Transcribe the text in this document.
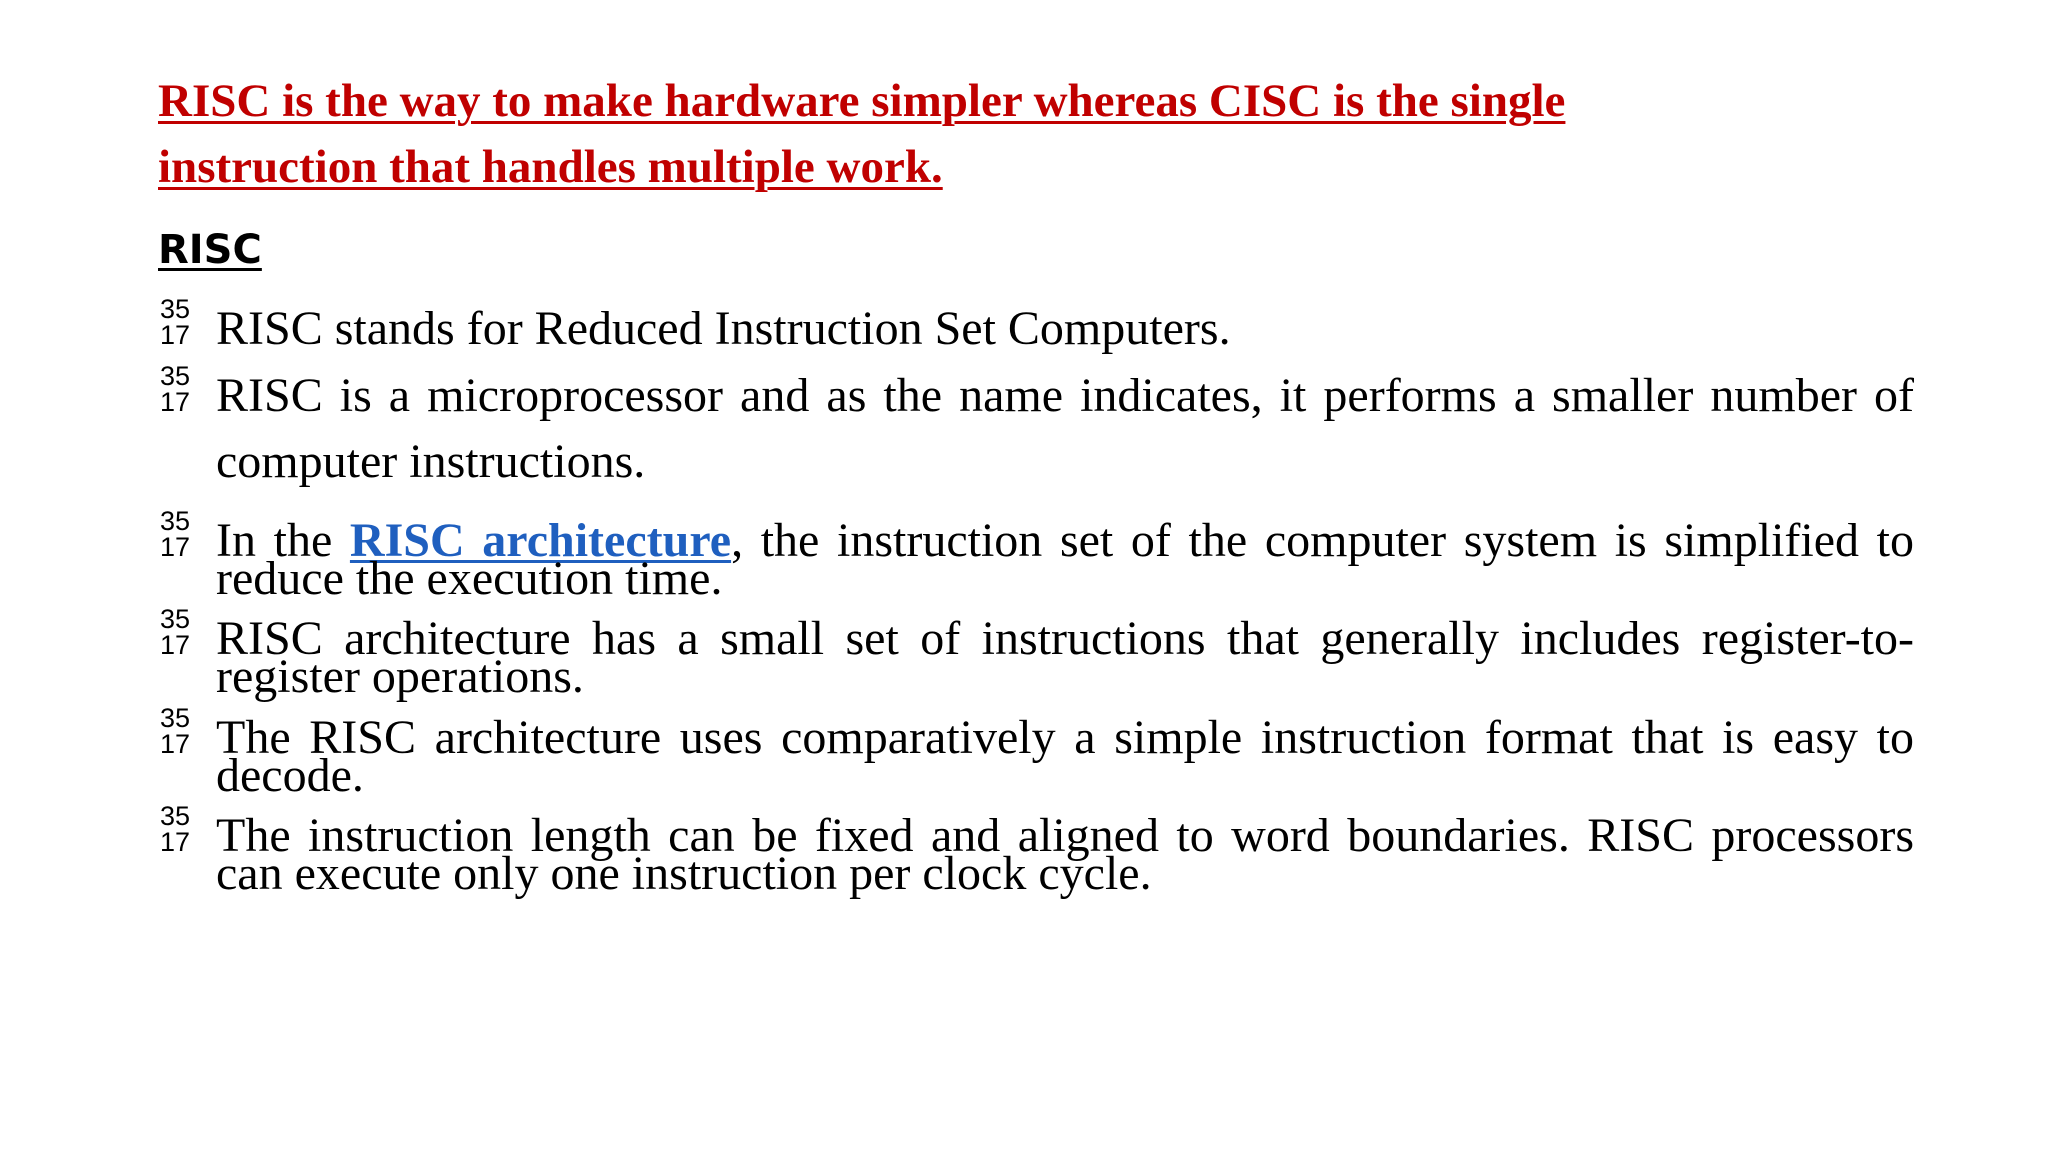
RISC is the way to make hardware simpler whereas CISC is the single instruction that handles multiple work.

RISC

35
17 RISC stands for Reduced Instruction Set Computers.

35
17 RISC is a microprocessor and as the name indicates, it performs a smaller number of computer instructions.

35
17 In the RISC architecture, the instruction set of the computer system is simplified to reduce the execution time.

35
17 RISC architecture has a small set of instructions that generally includes register-to-register operations.

35
17 The RISC architecture uses comparatively a simple instruction format that is easy to decode.

35
17 The instruction length can be fixed and aligned to word boundaries. RISC processors can execute only one instruction per clock cycle.
